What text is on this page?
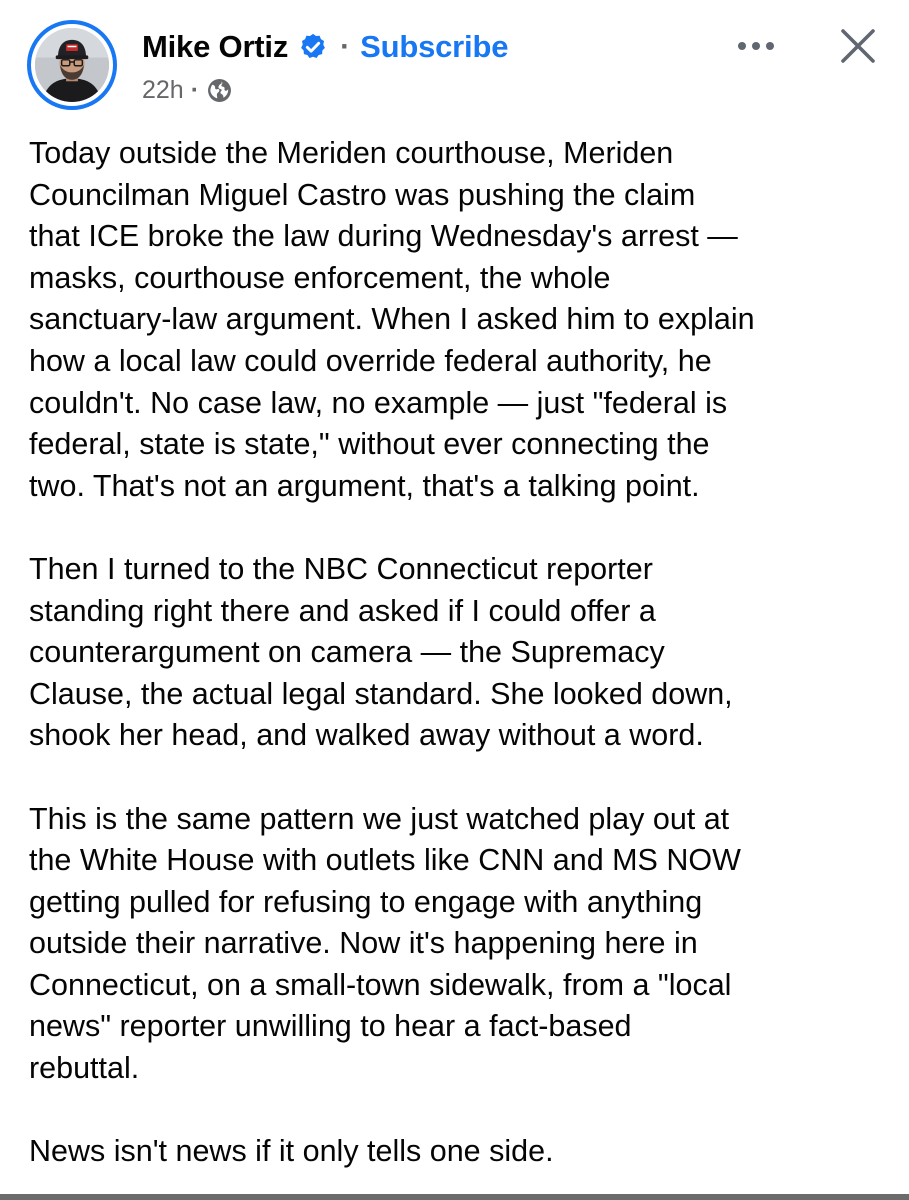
Mike Ortiz · Subscribe
22h ·
Today outside the Meriden courthouse, Meriden
Councilman Miguel Castro was pushing the claim
that ICE broke the law during Wednesday's arrest —
masks, courthouse enforcement, the whole
sanctuary-law argument. When I asked him to explain
how a local law could override federal authority, he
couldn't. No case law, no example — just "federal is
federal, state is state," without ever connecting the
two. That's not an argument, that's a talking point.
Then I turned to the NBC Connecticut reporter
standing right there and asked if I could offer a
counterargument on camera — the Supremacy
Clause, the actual legal standard. She looked down,
shook her head, and walked away without a word.
This is the same pattern we just watched play out at
the White House with outlets like CNN and MS NOW
getting pulled for refusing to engage with anything
outside their narrative. Now it's happening here in
Connecticut, on a small-town sidewalk, from a "local
news" reporter unwilling to hear a fact-based
rebuttal.
News isn't news if it only tells one side.
